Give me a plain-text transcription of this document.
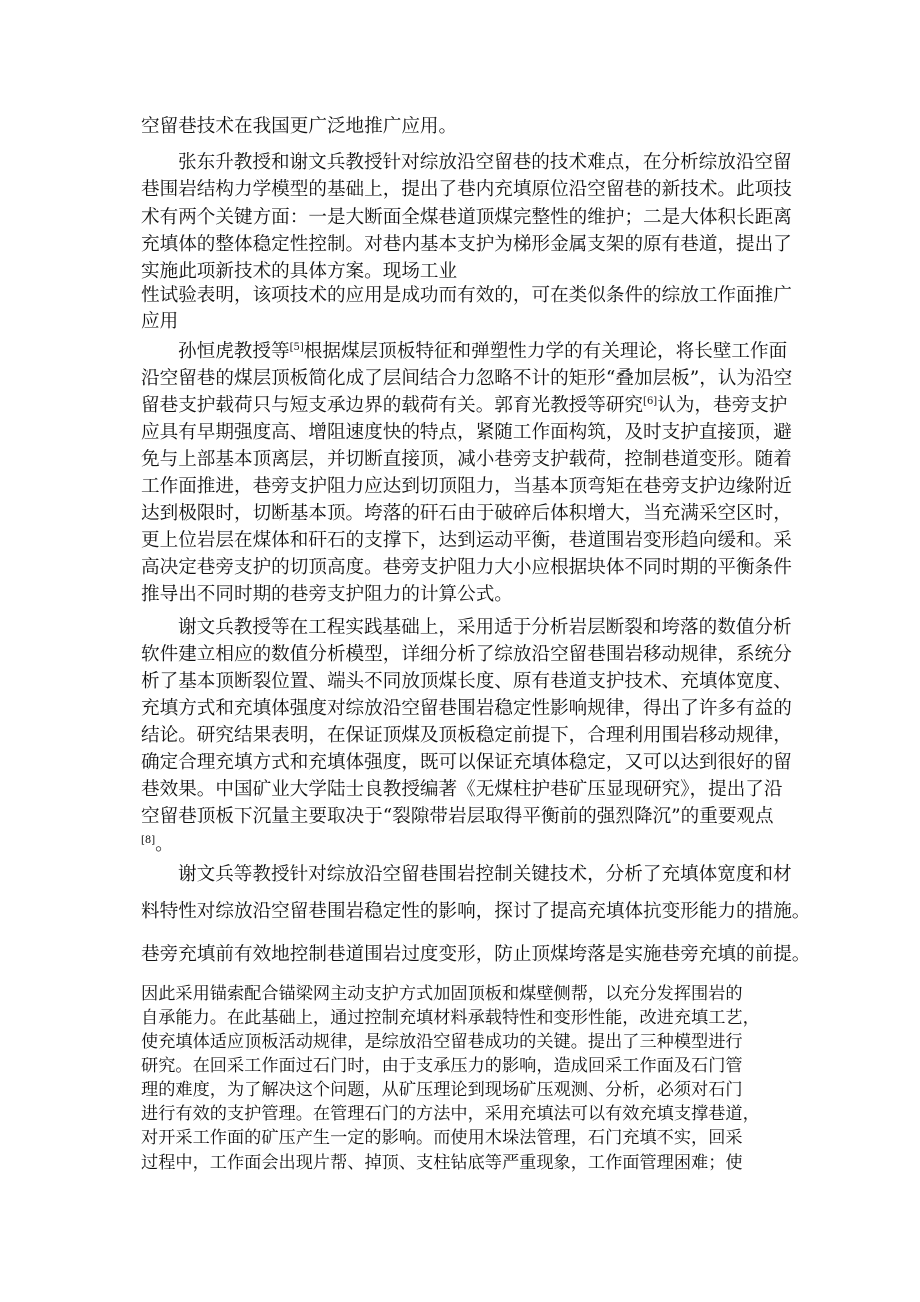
空留巷技术在我国更广泛地推广应用。
张东升教授和谢文兵教授针对综放沿空留巷的技术难点，在分析综放沿空留
巷围岩结构力学模型的基础上，提出了巷内充填原位沿空留巷的新技术。此项技
术有两个关键方面：一是大断面全煤巷道顶煤完整性的维护；二是大体积长距离
充填体的整体稳定性控制。对巷内基本支护为梯形金属支架的原有巷道，提出了
实施此项新技术的具体方案。现场工业
性试验表明，该项技术的应用是成功而有效的，可在类似条件的综放工作面推广
应用
孙恒虎教授等[5]根据煤层顶板特征和弹塑性力学的有关理论，将长壁工作面
沿空留巷的煤层顶板简化成了层间结合力忽略不计的矩形“叠加层板”，认为沿空
留巷支护载荷只与短支承边界的载荷有关。郭育光教授等研究[6]认为，巷旁支护
应具有早期强度高、增阻速度快的特点，紧随工作面构筑，及时支护直接顶，避
免与上部基本顶离层，并切断直接顶，减小巷旁支护载荷，控制巷道变形。随着
工作面推进，巷旁支护阻力应达到切顶阻力，当基本顶弯矩在巷旁支护边缘附近
达到极限时，切断基本顶。垮落的矸石由于破碎后体积增大，当充满采空区时，
更上位岩层在煤体和矸石的支撑下，达到运动平衡，巷道围岩变形趋向缓和。采
高决定巷旁支护的切顶高度。巷旁支护阻力大小应根据块体不同时期的平衡条件
推导出不同时期的巷旁支护阻力的计算公式。
谢文兵教授等在工程实践基础上，采用适于分析岩层断裂和垮落的数值分析
软件建立相应的数值分析模型，详细分析了综放沿空留巷围岩移动规律，系统分
析了基本顶断裂位置、端头不同放顶煤长度、原有巷道支护技术、充填体宽度、
充填方式和充填体强度对综放沿空留巷围岩稳定性影响规律，得出了许多有益的
结论。研究结果表明，在保证顶煤及顶板稳定前提下，合理利用围岩移动规律，
确定合理充填方式和充填体强度，既可以保证充填体稳定，又可以达到很好的留
巷效果。中国矿业大学陆士良教授编著《无煤柱护巷矿压显现研究》，提出了沿
空留巷顶板下沉量主要取决于“裂隙带岩层取得平衡前的强烈降沉”的重要观点
[8]。
谢文兵等教授针对综放沿空留巷围岩控制关键技术，分析了充填体宽度和材
料特性对综放沿空留巷围岩稳定性的影响，探讨了提高充填体抗变形能力的措施。
巷旁充填前有效地控制巷道围岩过度变形，防止顶煤垮落是实施巷旁充填的前提。
因此采用锚索配合锚梁网主动支护方式加固顶板和煤壁侧帮，以充分发挥围岩的
自承能力。在此基础上，通过控制充填材料承载特性和变形性能，改进充填工艺，
使充填体适应顶板活动规律，是综放沿空留巷成功的关键。提出了三种模型进行
研究。在回采工作面过石门时，由于支承压力的影响，造成回采工作面及石门管
理的难度，为了解决这个问题，从矿压理论到现场矿压观测、分析，必须对石门
进行有效的支护管理。在管理石门的方法中，采用充填法可以有效充填支撑巷道，
对开采工作面的矿压产生一定的影响。而使用木垛法管理，石门充填不实，回采
过程中，工作面会出现片帮、掉顶、支柱钻底等严重现象，工作面管理困难；使
